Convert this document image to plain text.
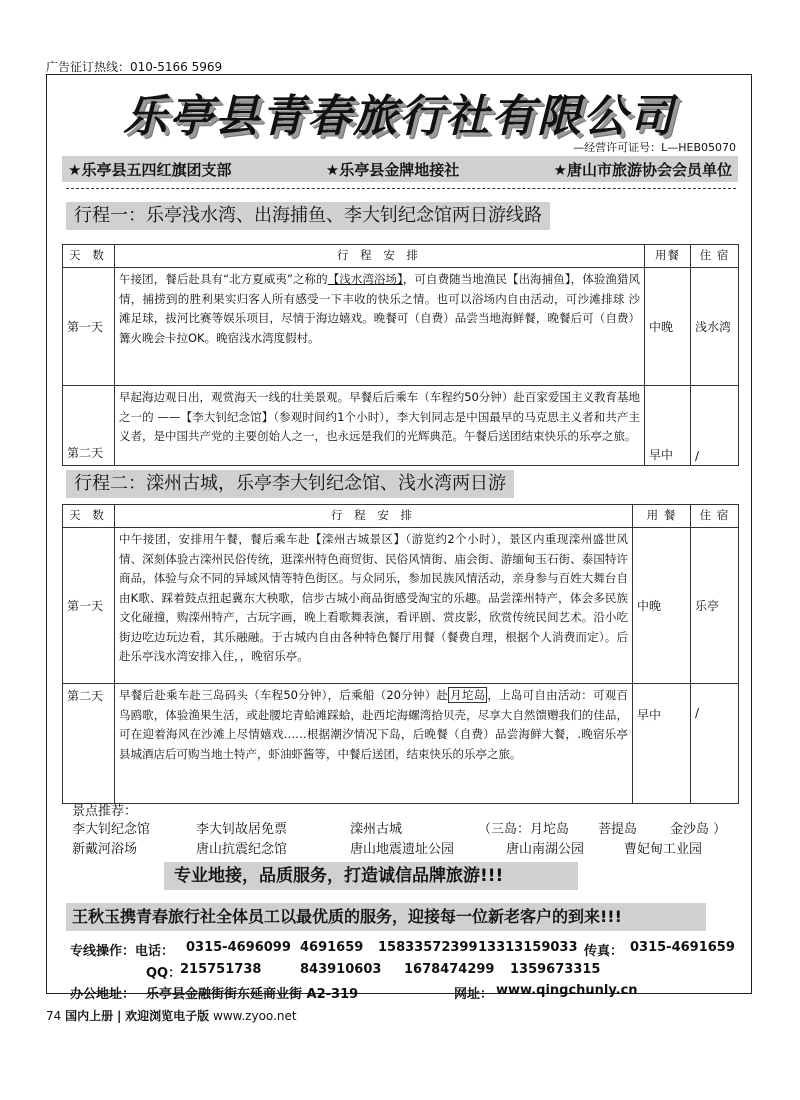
广告征订热线：010-5166 5969
乐亭县青春旅行社有限公司
—经营许可证号：L—HEB05070
★乐亭县五四红旗团支部	★乐亭县金牌地接社	★唐山市旅游协会会员单位
行程一：乐亭浅水湾、出海捕鱼、李大钊纪念馆两日游线路
天 数	行 程 安 排	用餐	住 宿
第一天	午接团，餐后赴具有“北方夏威夷”之称的【浅水湾浴场】，可自费随当地渔民【出海捕鱼】，体验渔猎风情，捕捞到的胜利果实归客人所有感受一下丰收的快乐之情。也可以浴场内自由活动，可沙滩排球 沙滩足球，拔河比赛等娱乐项目，尽情于海边嬉戏。晚餐可（自费）品尝当地海鲜餐，晚餐后可（自费）篝火晚会卡拉OK。晚宿浅水湾度假村。	中晚	浅水湾
第二天	早起海边观日出，观赏海天一线的壮美景观。早餐后后乘车（车程约50分钟）赴百家爱国主义教育基地之一的 ——【李大钊纪念馆】（参观时间约1个小时），李大钊同志是中国最早的马克思主义者和共产主义者，是中国共产党的主要创始人之一，也永远是我们的光辉典范。午餐后送团结束快乐的乐亭之旅。	早中	/
行程二：滦州古城，乐亭李大钊纪念馆、浅水湾两日游
天 数	行 程 安 排	用 餐	住 宿
第一天	中午接团，安排用午餐，餐后乘车赴【滦州古城景区】（游览约2个小时），景区内重现滦州盛世风情、深刻体验古滦州民俗传统，逛滦州特色商贸街、民俗风情街、庙会街、游缅甸玉石街、泰国特许商品，体验与众不同的异域风情等特色街区。与众同乐，参加民族风情活动，亲身参与百姓大舞台自由K歌、踩着鼓点扭起冀东大秧歌，信步古城小商品街感受淘宝的乐趣。品尝滦州特产，体会多民族文化碰撞，购滦州特产，古玩字画，晚上看歌舞表演，看评剧、赏皮影，欣赏传统民间艺术。沿小吃街边吃边玩边看，其乐融融。于古城内自由各种特色餐厅用餐（餐费自理，根据个人消费而定）。后赴乐亭浅水湾安排入住，，晚宿乐亭。	中晚	乐亭
第二天	早餐后赴乘车赴三岛码头（车程50分钟），后乘船（20分钟）赴 月坨岛 ，上岛可自由活动：可观百鸟鸥歌，体验渔果生活，或赴腰坨青蛤滩踩蛤，赴西坨海螺湾拾贝壳，尽享大自然馈赠我们的佳品，可在迎着海风在沙滩上尽情嬉戏……根据潮汐情况下岛，后晚餐（自费）品尝海鲜大餐，.晚宿乐亭县城酒店后可购当地土特产，虾油虾酱等，中餐后送团，结束快乐的乐亭之旅。	早中	/
景点推荐：
李大钊纪念馆	李大钊故居免票	滦州古城	（三岛：月坨岛 菩提岛	金沙岛 ）
新戴河浴场	唐山抗震纪念馆	唐山地震遗址公园	唐山南湖公园	曹妃甸工业园
专业地接，品质服务，打造诚信品牌旅游!!!
王秋玉携青春旅行社全体员工以最优质的服务，迎接每一位新老客户的到来!!!
专线操作：电话： 0315-4696099 4691659 15833572399 13313159033 传真： 0315-4691659
QQ：
215751738	843910603 1678474299 1359673315
办公地址： 乐亭县金融街街东延商业街 A2-319	网址： www.qingchunly.cn
74 国内上册 | 欢迎浏览电子版 www.zyoo.net
